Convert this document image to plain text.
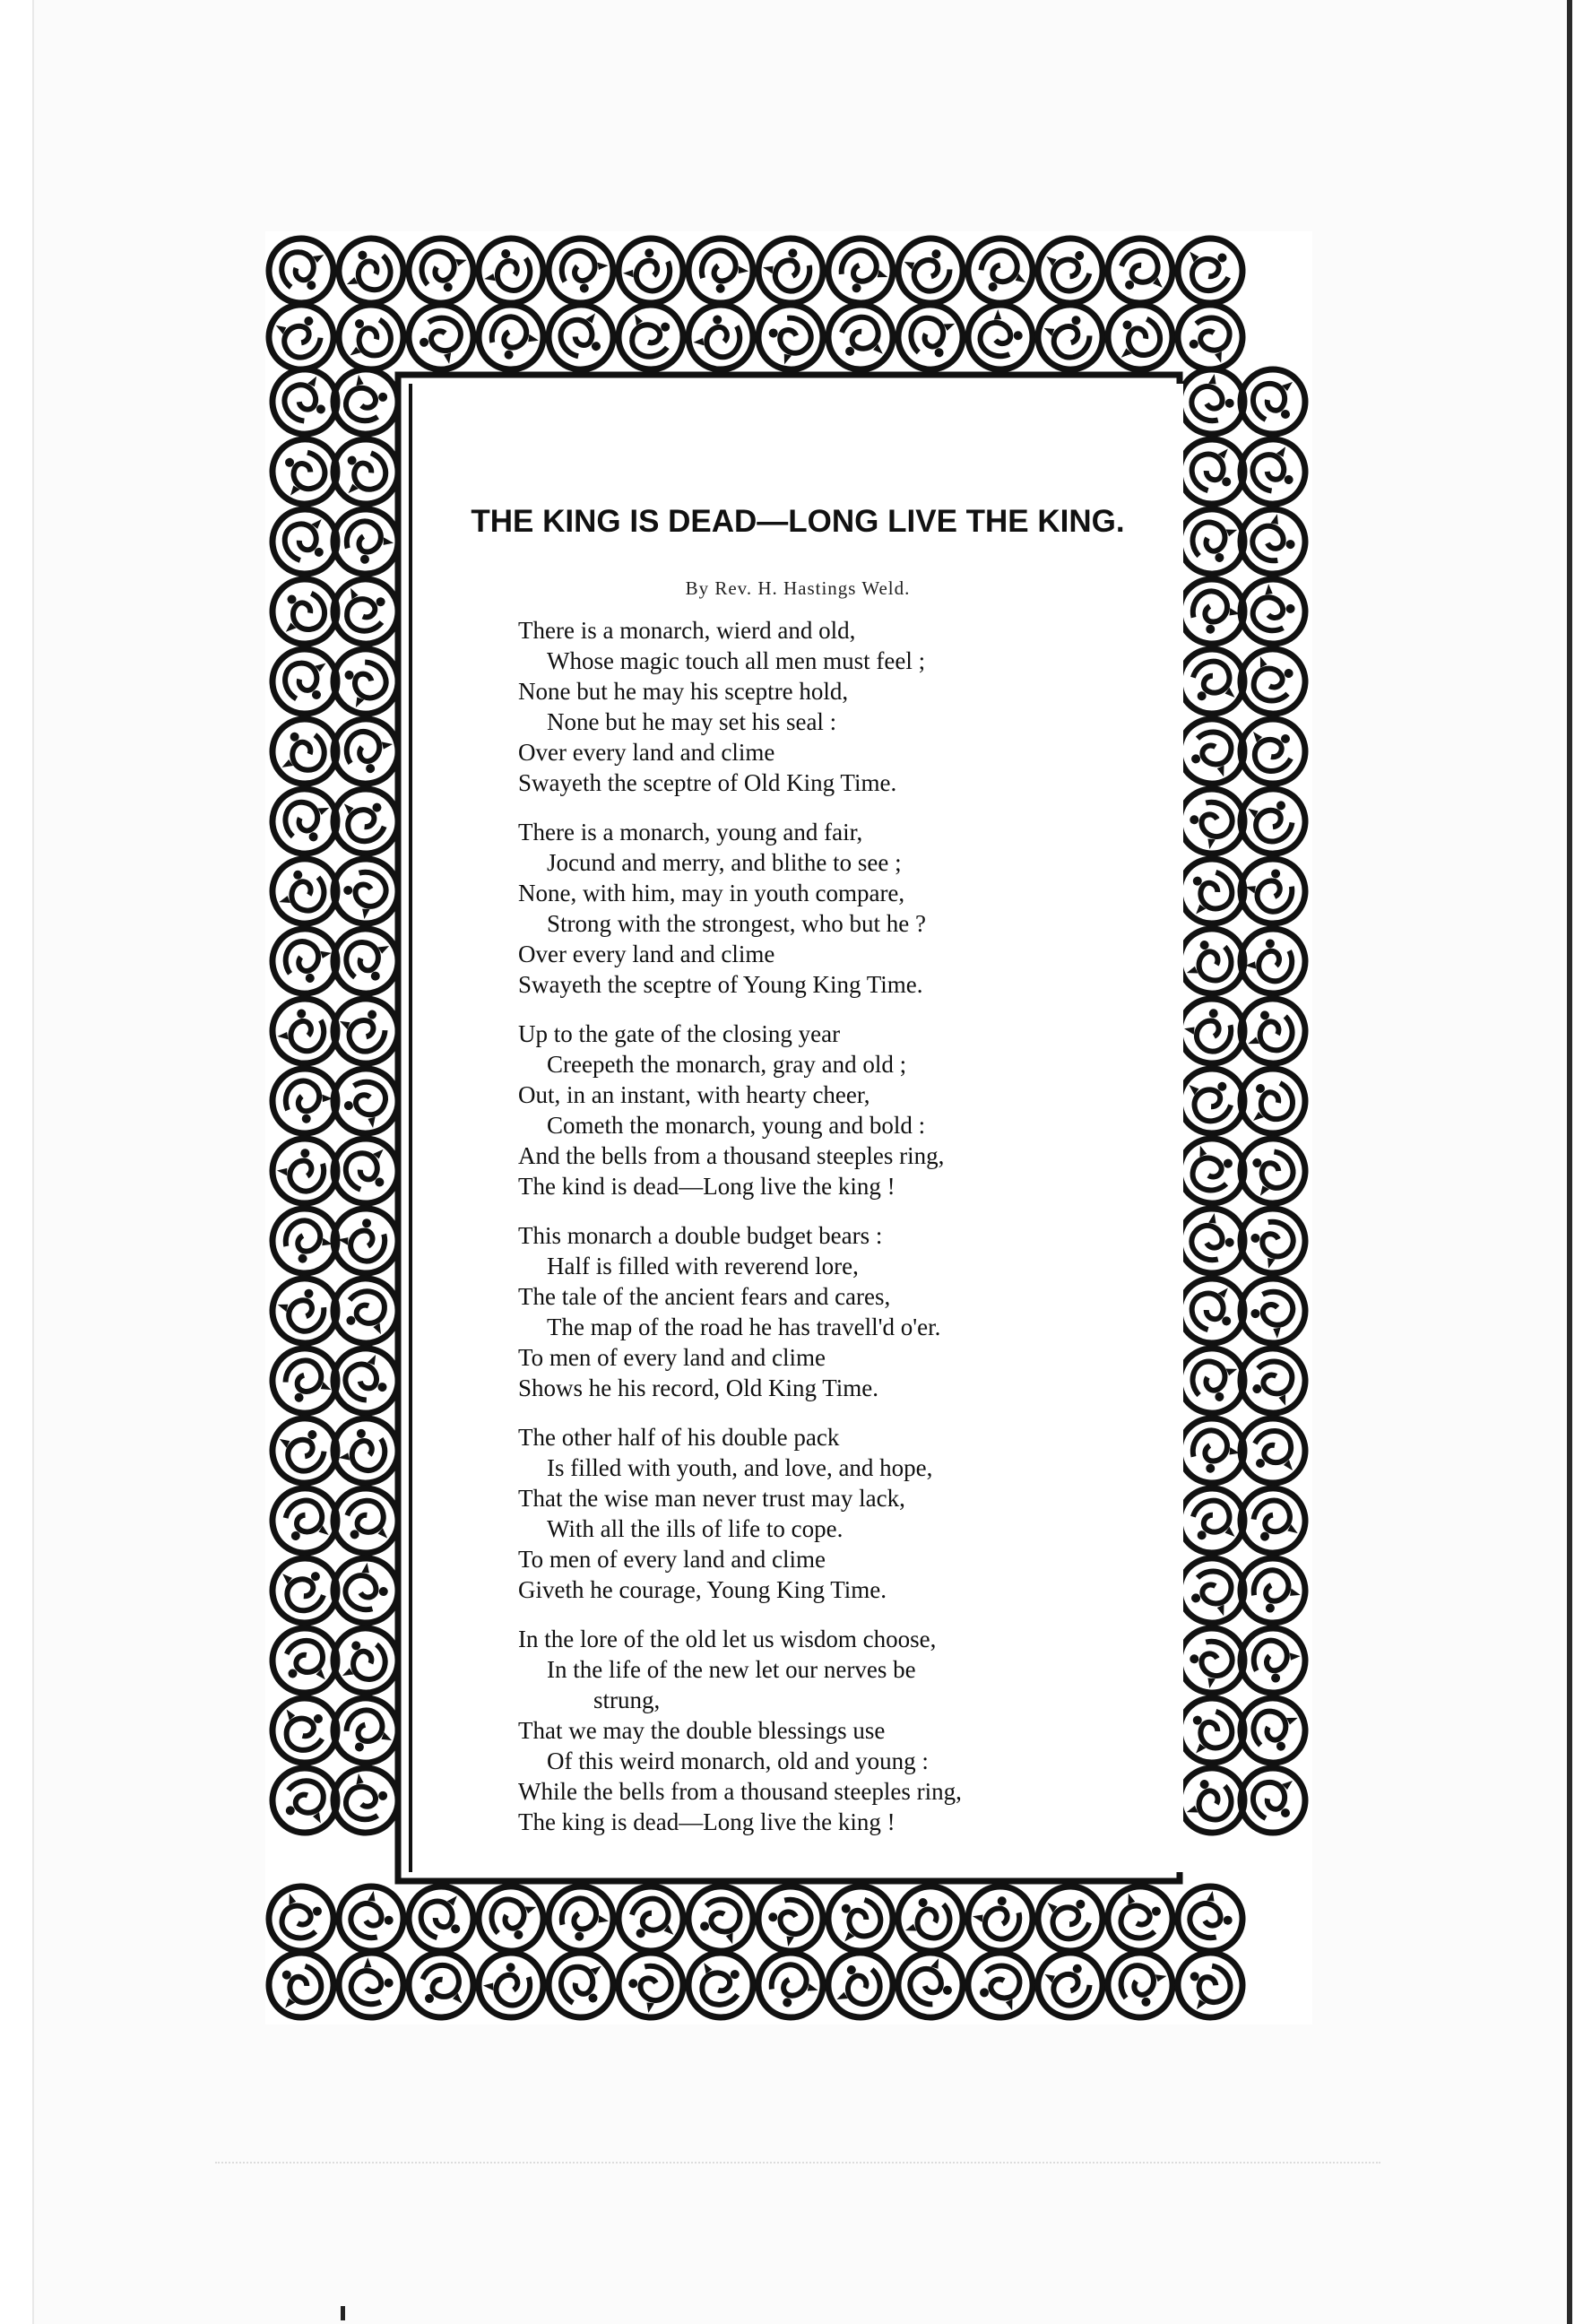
THE KING IS DEAD—LONG LIVE THE KING.
By Rev. H. Hastings Weld.
There is a monarch, wierd and old,
Whose magic touch all men must feel ;
None but he may his sceptre hold,
None but he may set his seal :
Over every land and clime
Swayeth the sceptre of Old King Time.
There is a monarch, young and fair,
Jocund and merry, and blithe to see ;
None, with him, may in youth compare,
Strong with the strongest, who but he ?
Over every land and clime
Swayeth the sceptre of Young King Time.
Up to the gate of the closing year
Creepeth the monarch, gray and old ;
Out, in an instant, with hearty cheer,
Cometh the monarch, young and bold :
And the bells from a thousand steeples ring,
The kind is dead—Long live the king !
This monarch a double budget bears :
Half is filled with reverend lore,
The tale of the ancient fears and cares,
The map of the road he has travell'd o'er.
To men of every land and clime
Shows he his record, Old King Time.
The other half of his double pack
Is filled with youth, and love, and hope,
That the wise man never trust may lack,
With all the ills of life to cope.
To men of every land and clime
Giveth he courage, Young King Time.
In the lore of the old let us wisdom choose,
In the life of the new let our nerves be
strung,
That we may the double blessings use
Of this weird monarch, old and young :
While the bells from a thousand steeples ring,
The king is dead—Long live the king !
